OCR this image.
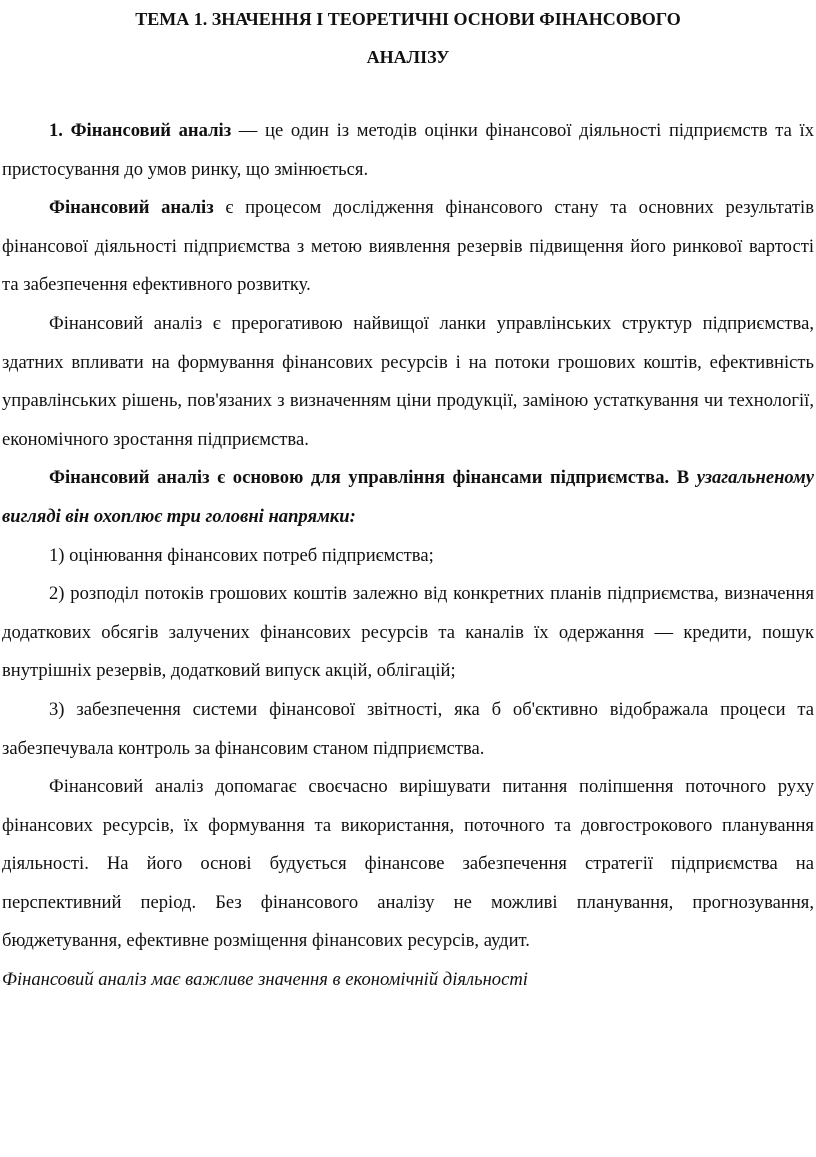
ТЕМА 1. ЗНАЧЕННЯ І ТЕОРЕТИЧНІ ОСНОВИ ФІНАНСОВОГО
АНАЛІЗУ

1. Фінансовий аналіз — це один із методів оцінки фінансової діяльності підприємств та їх пристосування до умов ринку, що змінюється.

Фінансовий аналіз є процесом дослідження фінансового стану та основних результатів фінансової діяльності підприємства з метою виявлення резервів підвищення його ринкової вартості та забезпечення ефективного розвитку.

Фінансовий аналіз є прерогативою найвищої ланки управлінських структур підприємства, здатних впливати на формування фінансових ресурсів і на потоки грошових коштів, ефективність управлінських рішень, пов'язаних з визначенням ціни продукції, заміною устаткування чи технології, економічного зростання підприємства.

Фінансовий аналіз є основою для управління фінансами підприємства. В узагальненому вигляді він охоплює три головні напрямки:

1) оцінювання фінансових потреб підприємства;

2) розподіл потоків грошових коштів залежно від конкретних планів підприємства, визначення додаткових обсягів залучених фінансових ресурсів та каналів їх одержання — кредити, пошук внутрішніх резервів, додатковий випуск акцій, облігацій;

3) забезпечення системи фінансової звітності, яка б об'єктивно відображала процеси та забезпечувала контроль за фінансовим станом підприємства.

Фінансовий аналіз допомагає своєчасно вирішувати питання поліпшення поточного руху фінансових ресурсів, їх формування та використання, поточного та довгострокового планування діяльності. На його основі будується фінансове забезпечення стратегії підприємства на перспективний період. Без фінансового аналізу не можливі планування, прогнозування, бюджетування, ефективне розміщення фінансових ресурсів, аудит.

Фінансовий аналіз має важливе значення в економічній діяльності
